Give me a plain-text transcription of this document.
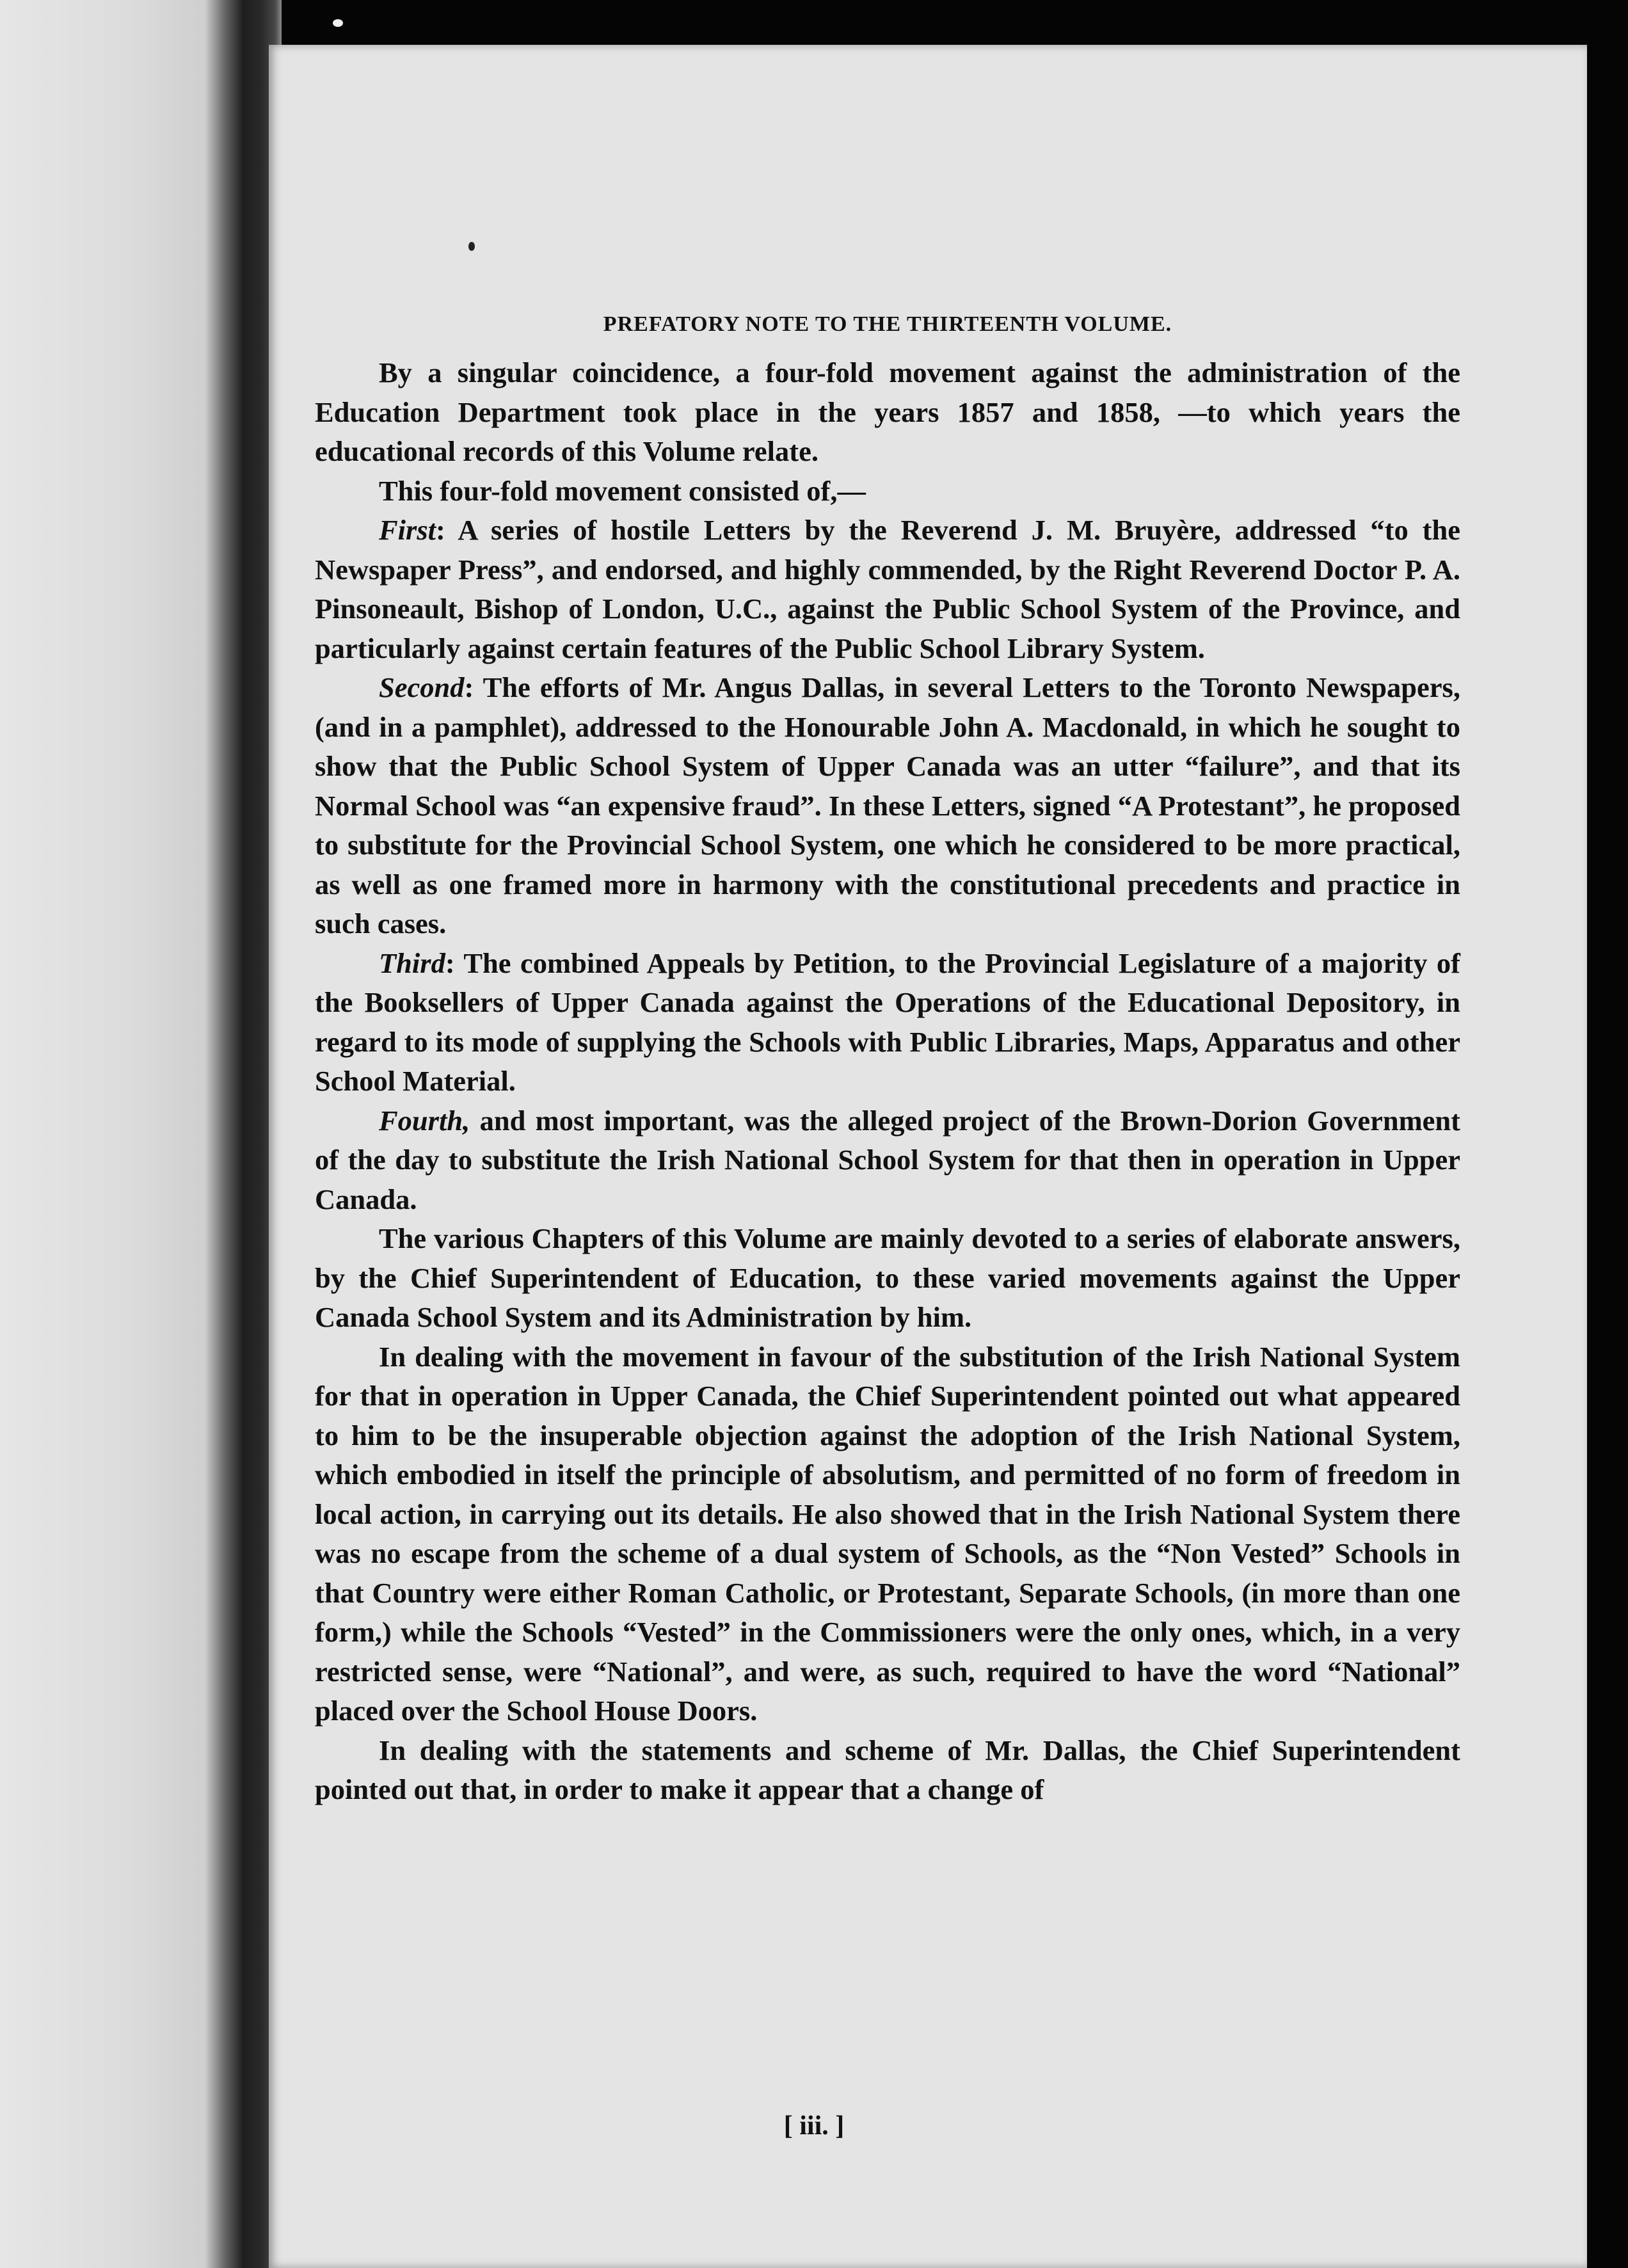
PREFATORY NOTE TO THE THIRTEENTH VOLUME.

By a singular coincidence, a four-fold movement against the administration of the Education Department took place in the years 1857 and 1858, —to which years the educational records of this Volume relate.

This four-fold movement consisted of,—

First: A series of hostile Letters by the Reverend J. M. Bruyère, addressed “to the Newspaper Press”, and endorsed, and highly commended, by the Right Reverend Doctor P. A. Pinsoneault, Bishop of London, U.C., against the Public School System of the Province, and particularly against certain features of the Public School Library System.

Second: The efforts of Mr. Angus Dallas, in several Letters to the Toronto Newspapers, (and in a pamphlet), addressed to the Honourable John A. Macdonald, in which he sought to show that the Public School System of Upper Canada was an utter “failure”, and that its Normal School was “an expensive fraud”. In these Letters, signed “A Protestant”, he proposed to substitute for the Provincial School System, one which he considered to be more practical, as well as one framed more in harmony with the constitutional precedents and practice in such cases.

Third: The combined Appeals by Petition, to the Provincial Legislature of a majority of the Booksellers of Upper Canada against the Operations of the Educational Depository, in regard to its mode of supplying the Schools with Public Libraries, Maps, Apparatus and other School Material.

Fourth, and most important, was the alleged project of the Brown-Dorion Government of the day to substitute the Irish National School System for that then in operation in Upper Canada.

The various Chapters of this Volume are mainly devoted to a series of elaborate answers, by the Chief Superintendent of Education, to these varied movements against the Upper Canada School System and its Administration by him.

In dealing with the movement in favour of the substitution of the Irish National System for that in operation in Upper Canada, the Chief Superintendent pointed out what appeared to him to be the insuperable objection against the adoption of the Irish National System, which embodied in itself the principle of absolutism, and permitted of no form of freedom in local action, in carrying out its details. He also showed that in the Irish National System there was no escape from the scheme of a dual system of Schools, as the “Non Vested” Schools in that Country were either Roman Catholic, or Protestant, Separate Schools, (in more than one form,) while the Schools “Vested” in the Commissioners were the only ones, which, in a very restricted sense, were “National”, and were, as such, required to have the word “National” placed over the School House Doors.

In dealing with the statements and scheme of Mr. Dallas, the Chief Superintendent pointed out that, in order to make it appear that a change of

[ iii. ]
